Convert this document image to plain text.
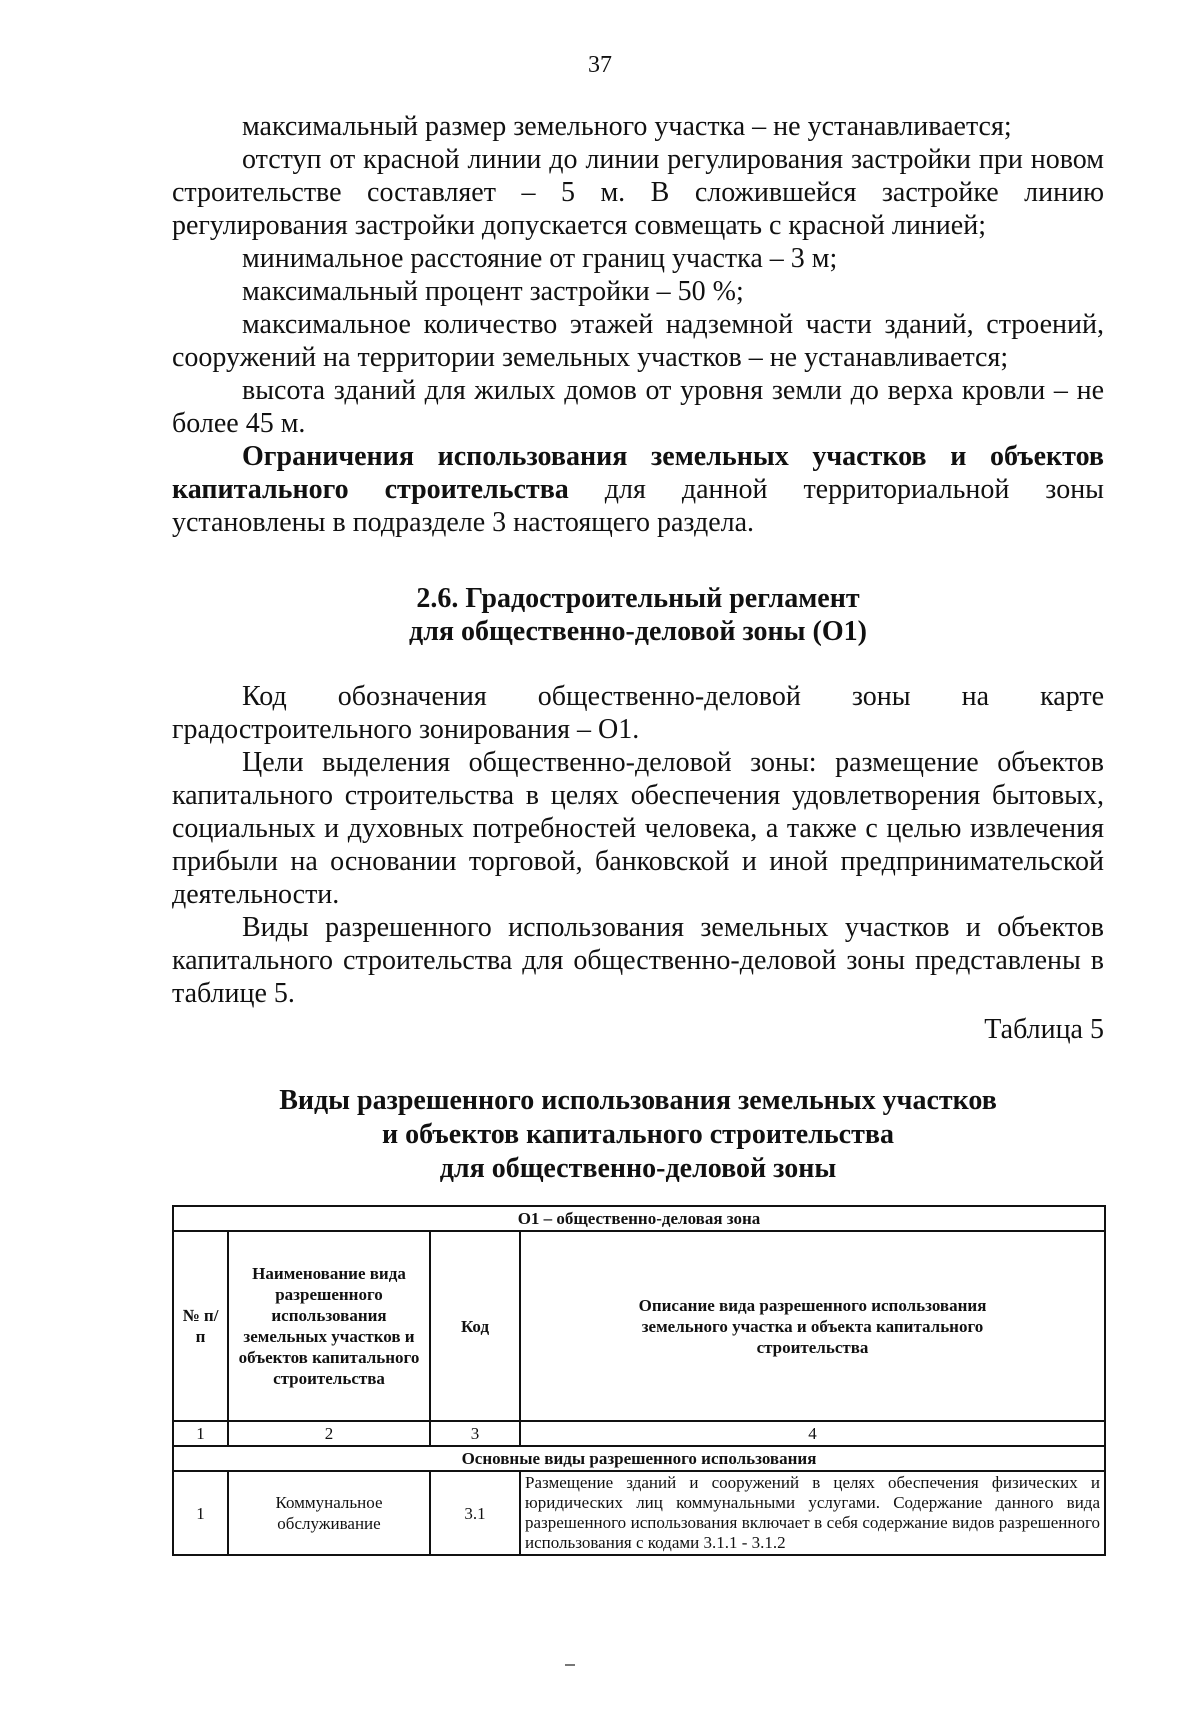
37

максимальный размер земельного участка – не устанавливается;

отступ от красной линии до линии регулирования застройки при новом строительстве составляет – 5 м. В сложившейся застройке линию регулирования застройки допускается совмещать с красной линией;

минимальное расстояние от границ участка – 3 м;

максимальный процент застройки – 50 %;

максимальное количество этажей надземной части зданий, строений, сооружений на территории земельных участков – не устанавливается;

высота зданий для жилых домов от уровня земли до верха кровли – не более 45 м.

Ограничения использования земельных участков и объектов капитального строительства для данной территориальной зоны установлены в подразделе 3 настоящего раздела.

2.6. Градостроительный регламент
для общественно-деловой зоны (О1)

Код обозначения общественно-деловой зоны на карте градостроительного зонирования – О1.

Цели выделения общественно-деловой зоны: размещение объектов капитального строительства в целях обеспечения удовлетворения бытовых, социальных и духовных потребностей человека, а также с целью извлечения прибыли на основании торговой, банковской и иной предпринимательской деятельности.

Виды разрешенного использования земельных участков и объектов капитального строительства для общественно-деловой зоны представлены в таблице 5.

Таблица 5
Виды разрешенного использования земельных участков
и объектов капитального строительства
для общественно-деловой зоны
О1 – общественно-деловая зона			
№ п/п	Наименование вида разрешенного использования земельных участков и объектов капитального строительства	Код	Описание вида разрешенного использования земельного участка и объекта капитального строительства
1	2	3	4
Основные виды разрешенного использования			
1	Коммунальное обслуживание	3.1	Размещение зданий и сооружений в целях обеспечения физических и юридических лиц коммунальными услугами. Содержание данного вида разрешенного использования включает в себя содержание видов разрешенного использования с кодами 3.1.1 - 3.1.2
